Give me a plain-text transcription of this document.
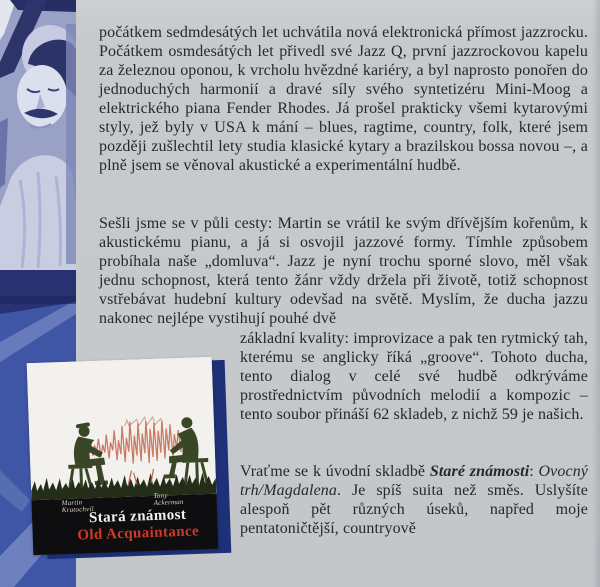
počátkem sedmdesátých let uchvátila nová elektronická přímost jazzrocku. Počátkem osmdesátých let přivedl své Jazz Q, první jazzrockovou kapelu za železnou oponou, k vrcholu hvězdné kariéry, a byl naprosto ponořen do jednoduchých harmonií a dravé síly svého syntetizéru Mini-Moog a elektrického piana Fender Rhodes. Já prošel prakticky všemi kytarovými styly, jež byly v USA k mání – blues, ragtime, country, folk, které jsem později zušlechtil lety studia klasické kytary a brazilskou bossa novou –, a plně jsem se věnoval akustické a experimentální hudbě.

Sešli jsme se v půli cesty: Martin se vrátil ke svým dřívějším kořenům, k akustickému pianu, a já si osvojil jazzové formy. Tímhle způsobem probíhala naše „domluva“. Jazz je nyní trochu sporné slovo, měl však jednu schopnost, která tento žánr vždy držela při životě, totiž schopnost vstřebávat hudební kultury odevšad na světě. Myslím, že ducha jazzu nakonec nejlépe vystihují pouhé dvě

základní kvality: improvizace a pak ten rytmický tah, kterému se anglicky říká „groove“. Tohoto ducha, tento dialog v celé své hudbě odkrýváme prostřednictvím původních melodií a kompozic – tento soubor přináší 62 skladeb, z nichž 59 je našich.

Vraťme se k úvodní skladbě Staré známosti: Ovocný trh/Magdalena. Je spíš suita než směs. Uslyšíte alespoň pět různých úseků, napřed moje pentatoničtější, countryově

Martin
Kratochvíl
Tony
Ackerman
Stará známost
Old Acquaintance
